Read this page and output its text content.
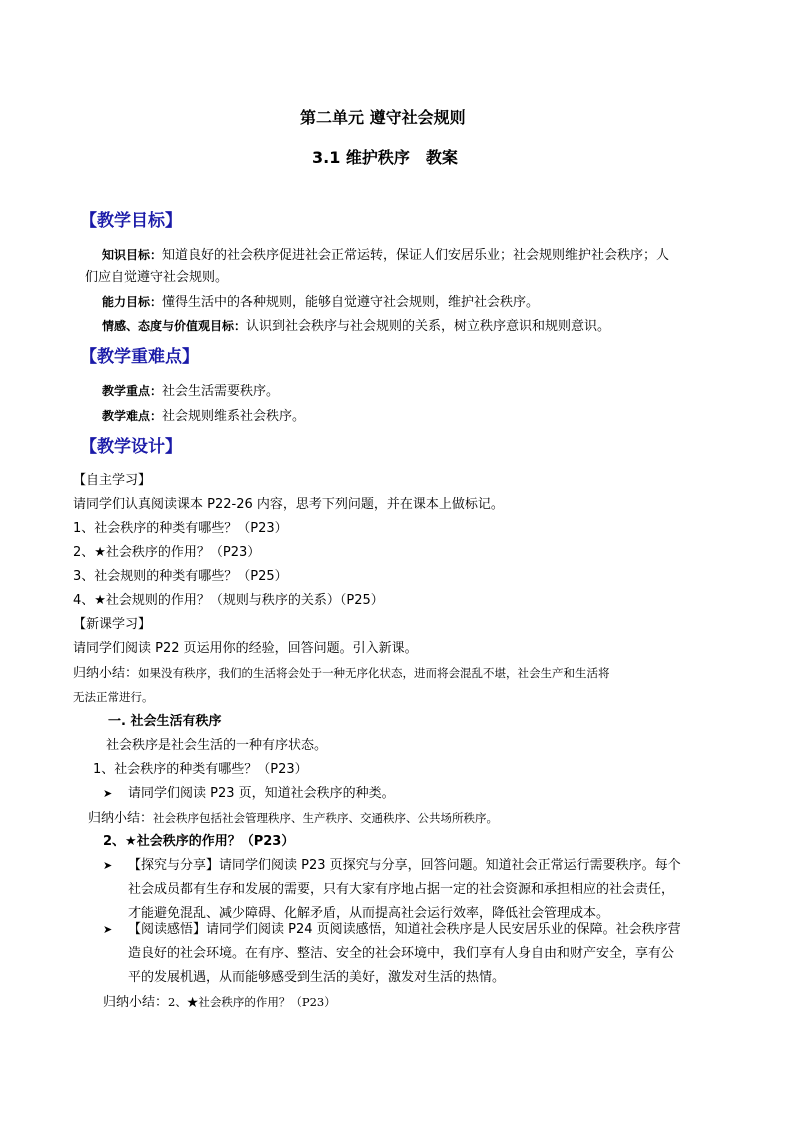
第二单元 遵守社会规则
3.1 维护秩序　教案
【教学目标】
知识目标：知道良好的社会秩序促进社会正常运转，保证人们安居乐业；社会规则维护社会秩序；人
们应自觉遵守社会规则。
能力目标：懂得生活中的各种规则，能够自觉遵守社会规则，维护社会秩序。
情感、态度与价值观目标：认识到社会秩序与社会规则的关系，树立秩序意识和规则意识。
【教学重难点】
教学重点：社会生活需要秩序。
教学难点：社会规则维系社会秩序。
【教学设计】
【自主学习】
请同学们认真阅读课本 P22-26 内容，思考下列问题，并在课本上做标记。
1、社会秩序的种类有哪些？（P23）
2、★社会秩序的作用？（P23）
3、社会规则的种类有哪些？（P25）
4、★社会规则的作用？（规则与秩序的关系）（P25）
【新课学习】
请同学们阅读 P22 页运用你的经验，回答问题。引入新课。
归纳小结：如果没有秩序，我们的生活将会处于一种无序化状态，进而将会混乱不堪，社会生产和生活将
无法正常进行。
一. 社会生活有秩序
社会秩序是社会生活的一种有序状态。
1、社会秩序的种类有哪些？（P23）
➤ 请同学们阅读 P23 页，知道社会秩序的种类。
归纳小结：社会秩序包括社会管理秩序、生产秩序、交通秩序、公共场所秩序。
2、★社会秩序的作用？（P23）
➤ 【探究与分享】请同学们阅读 P23 页探究与分享，回答问题。知道社会正常运行需要秩序。每个
社会成员都有生存和发展的需要，只有大家有序地占据一定的社会资源和承担相应的社会责任，
才能避免混乱、减少障碍、化解矛盾，从而提高社会运行效率，降低社会管理成本。
➤ 【阅读感悟】请同学们阅读 P24 页阅读感悟，知道社会秩序是人民安居乐业的保障。社会秩序营
造良好的社会环境。在有序、整洁、安全的社会环境中，我们享有人身自由和财产安全，享有公
平的发展机遇，从而能够感受到生活的美好，激发对生活的热情。
归纳小结：2、★社会秩序的作用？（P23）
